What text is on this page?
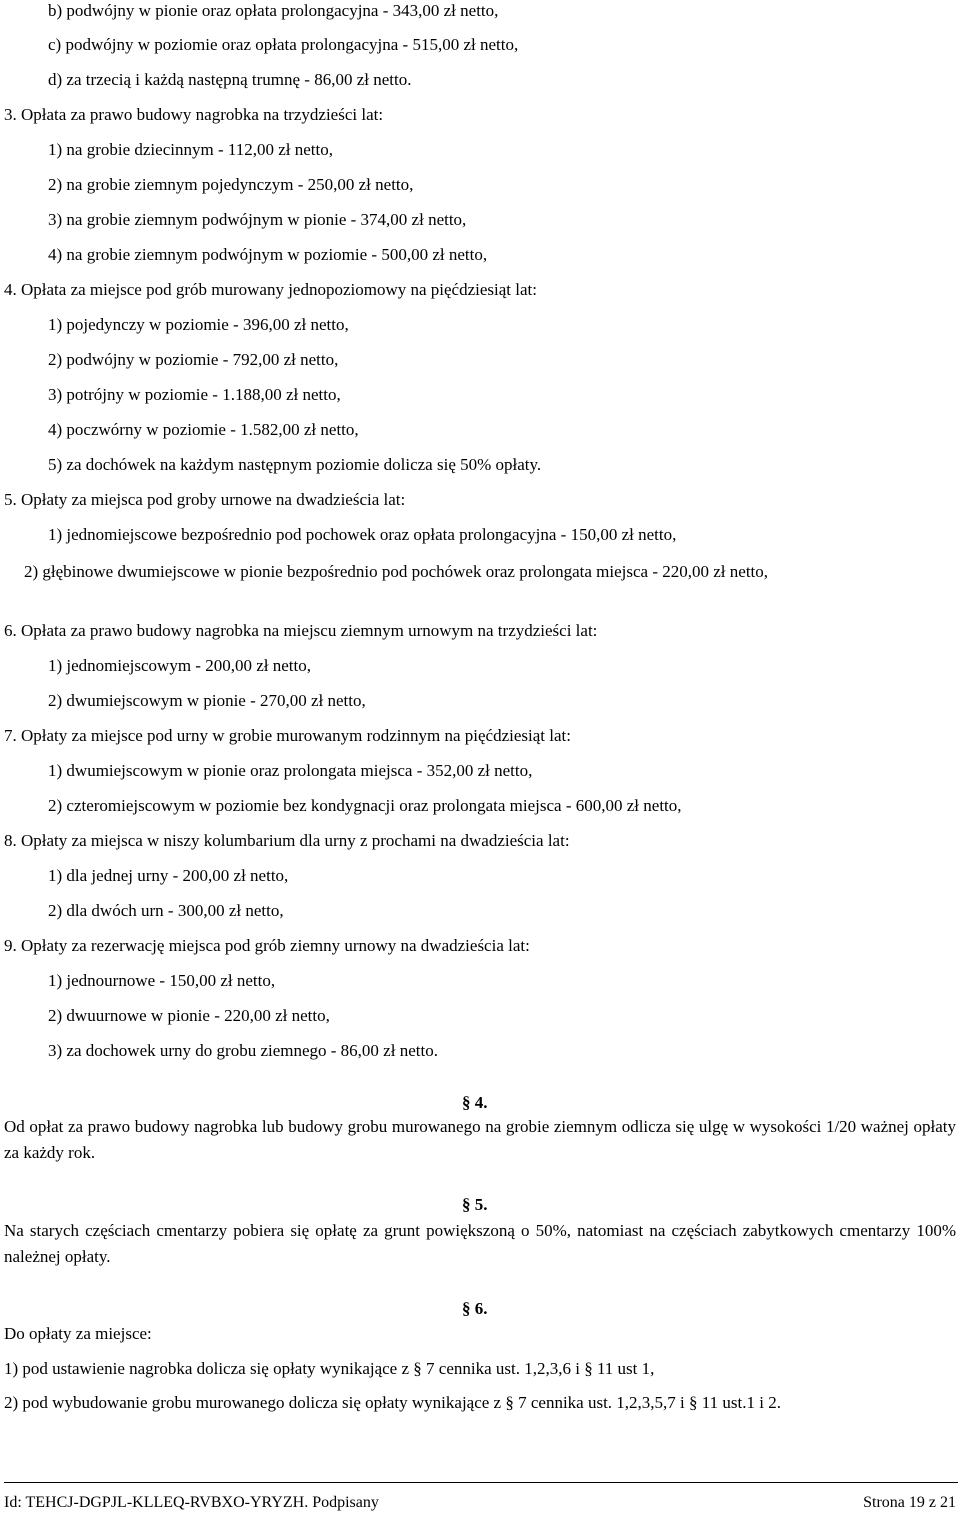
b) podwójny w pionie oraz opłata prolongacyjna - 343,00 zł netto,
c) podwójny w poziomie oraz opłata prolongacyjna - 515,00 zł netto,
d) za trzecią i każdą następną trumnę - 86,00 zł netto.
3. Opłata za prawo budowy nagrobka na trzydzieści lat:
1) na grobie dziecinnym - 112,00 zł netto,
2) na grobie ziemnym pojedynczym - 250,00 zł netto,
3) na grobie ziemnym podwójnym w pionie - 374,00 zł netto,
4) na grobie ziemnym podwójnym w poziomie - 500,00 zł netto,
4. Opłata za miejsce pod grób murowany jednopoziomowy na pięćdziesiąt lat:
1) pojedynczy w poziomie - 396,00 zł netto,
2) podwójny w poziomie - 792,00 zł netto,
3) potrójny w poziomie - 1.188,00 zł netto,
4) poczwórny w poziomie - 1.582,00 zł netto,
5) za dochówek na każdym następnym poziomie dolicza się 50% opłaty.
5. Opłaty za miejsca pod groby urnowe na dwadzieścia lat:
1) jednomiejscowe bezpośrednio pod pochowek oraz opłata prolongacyjna - 150,00 zł netto,
2) głębinowe dwumiejscowe w pionie bezpośrednio pod pochówek oraz prolongata miejsca - 220,00 zł netto,
6. Opłata za prawo budowy nagrobka na miejscu ziemnym urnowym na trzydzieści lat:
1) jednomiejscowym - 200,00 zł netto,
2) dwumiejscowym w pionie - 270,00 zł netto,
7. Opłaty za miejsce pod urny w grobie murowanym rodzinnym na pięćdziesiąt lat:
1) dwumiejscowym w pionie oraz prolongata miejsca - 352,00 zł netto,
2) czteromiejscowym w poziomie bez kondygnacji oraz prolongata miejsca - 600,00 zł netto,
8. Opłaty za miejsca w niszy kolumbarium dla urny z prochami na dwadzieścia lat:
1) dla jednej urny - 200,00 zł netto,
2) dla dwóch urn - 300,00 zł netto,
9. Opłaty za rezerwację miejsca pod grób ziemny urnowy na dwadzieścia lat:
1) jednournowe - 150,00 zł netto,
2) dwuurnowe w pionie - 220,00 zł netto,
3) za dochowek urny do grobu ziemnego - 86,00 zł netto.
§ 4.
Od opłat za prawo budowy nagrobka lub budowy grobu murowanego na grobie ziemnym odlicza się ulgę w wysokości 1/20 ważnej opłaty za każdy rok.
§ 5.
Na starych częściach cmentarzy pobiera się opłatę za grunt powiększoną o 50%, natomiast na częściach zabytkowych cmentarzy 100% należnej opłaty.
§ 6.
Do opłaty za miejsce:
1) pod ustawienie nagrobka dolicza się opłaty wynikające z § 7 cennika ust. 1,2,3,6 i § 11 ust 1,
2) pod wybudowanie grobu murowanego dolicza się opłaty wynikające z § 7 cennika ust. 1,2,3,5,7 i § 11 ust.1 i 2.
Id: TEHCJ-DGPJL-KLLEQ-RVBXO-YRYZH. Podpisany	Strona 19 z 21
